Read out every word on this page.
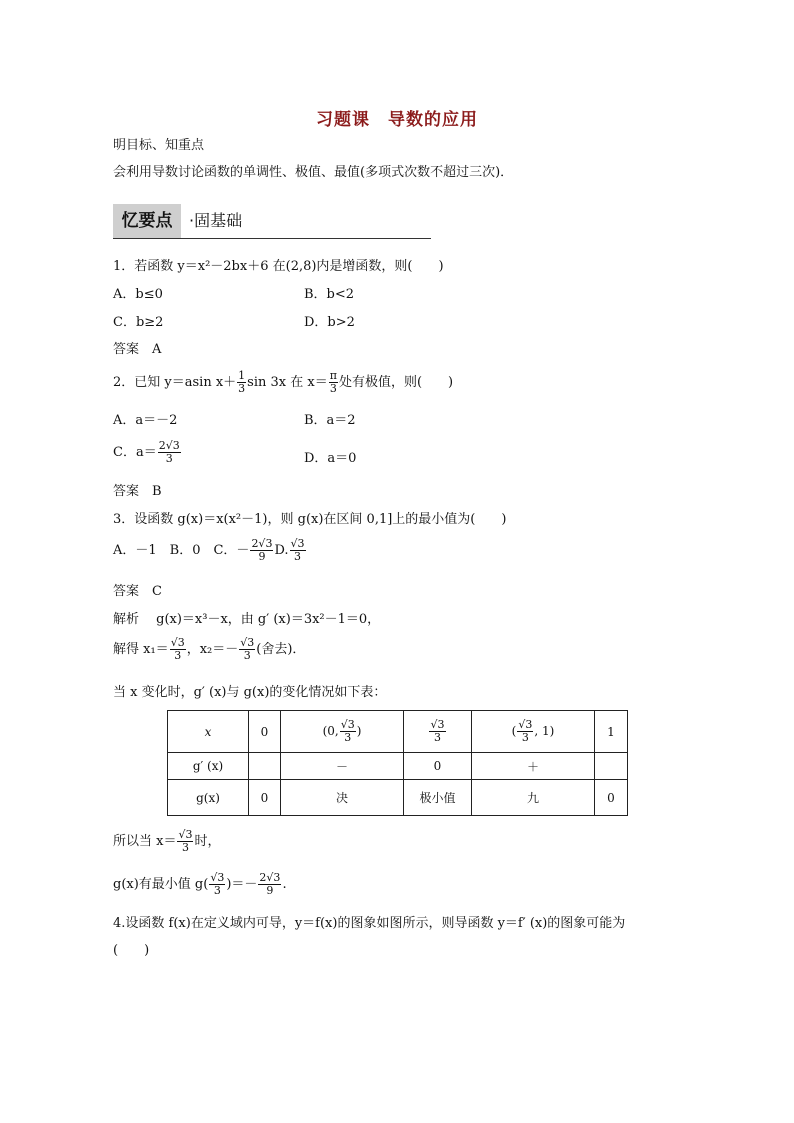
习题课　导数的应用
明目标、知重点
会利用导数讨论函数的单调性、极值、最值(多项式次数不超过三次)．
忆要点	·固基础
1．若函数 y＝x²－2bx＋6 在(2,8)内是增函数，则(　　)
A．b≤0	B．b<2
C．b≥2	D．b>2
答案　A
2．已知 y＝asin $x+ \frac{1}{3}$ sin 3x 在 $x= \frac{\pi}{3}$ 处有极值，则(　　)
A．a＝－2	B．a＝2
C．$a= \frac{2√3}{3}$	D．a＝0
答案　B
3．设函数 g(x)＝x(x²－1)，则 g(x)在区间 0,1]上的最小值为(　　)
A．－1　B．0　C．－ $\frac{2√3}{9} D$. $\frac{√3}{3}$
答案　C
解析　 g(x)＝x³－x，由 g′ (x)＝3x²－1＝0，
解得 $x_1= \frac{√3}{3}$ ，$x_2=- \frac{√3}{3}$ (舍去)．
当 x 变化时，g′ (x)与 g(x)的变化情况如下表：
x	0	(0, $\frac{√3}{3}$ )	$\frac{√3}{3}$	( $\frac{√3}{3}$ , 1)	1
g′ (x)		－	0	＋	
g(x)	0	决	极小值	九	0
所以当 $x= \frac{√3}{3}$ 时，
g(x)有最小值 $g( \frac{√3}{3}$ )＝－ $\frac{2√3}{9}$ .
4.设函数 f(x)在定义域内可导，y＝f(x)的图象如图所示，则导函数 y＝f′ (x)的图象可能为
(　　)
